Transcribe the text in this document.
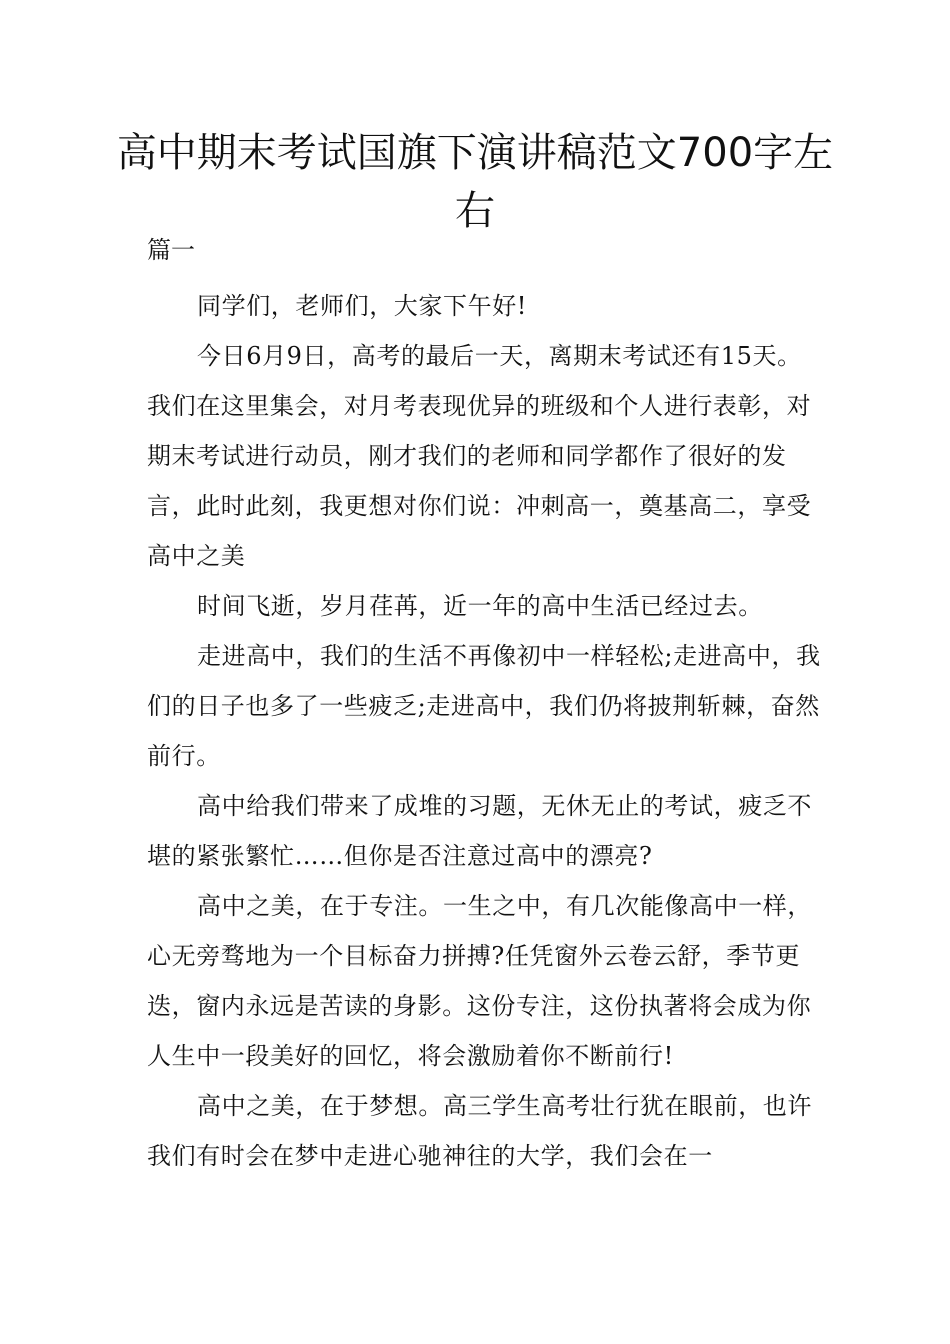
高中期末考试国旗下演讲稿范文700字左右
篇一

同学们，老师们，大家下午好!

今日6月9日，高考的最后一天，离期末考试还有15天。我们在这里集会，对月考表现优异的班级和个人进行表彰，对期末考试进行动员，刚才我们的老师和同学都作了很好的发言，此时此刻，我更想对你们说：冲刺高一，奠基高二，享受高中之美

时间飞逝，岁月荏苒，近一年的高中生活已经过去。

走进高中，我们的生活不再像初中一样轻松;走进高中，我们的日子也多了一些疲乏;走进高中，我们仍将披荆斩棘，奋然前行。

高中给我们带来了成堆的习题，无休无止的考试，疲乏不堪的紧张繁忙……但你是否注意过高中的漂亮?

高中之美，在于专注。一生之中，有几次能像高中一样，心无旁骛地为一个目标奋力拼搏?任凭窗外云卷云舒，季节更迭，窗内永远是苦读的身影。这份专注，这份执著将会成为你人生中一段美好的回忆，将会激励着你不断前行!

高中之美，在于梦想。高三学生高考壮行犹在眼前，也许我们有时会在梦中走进心驰神往的大学，我们会在一
